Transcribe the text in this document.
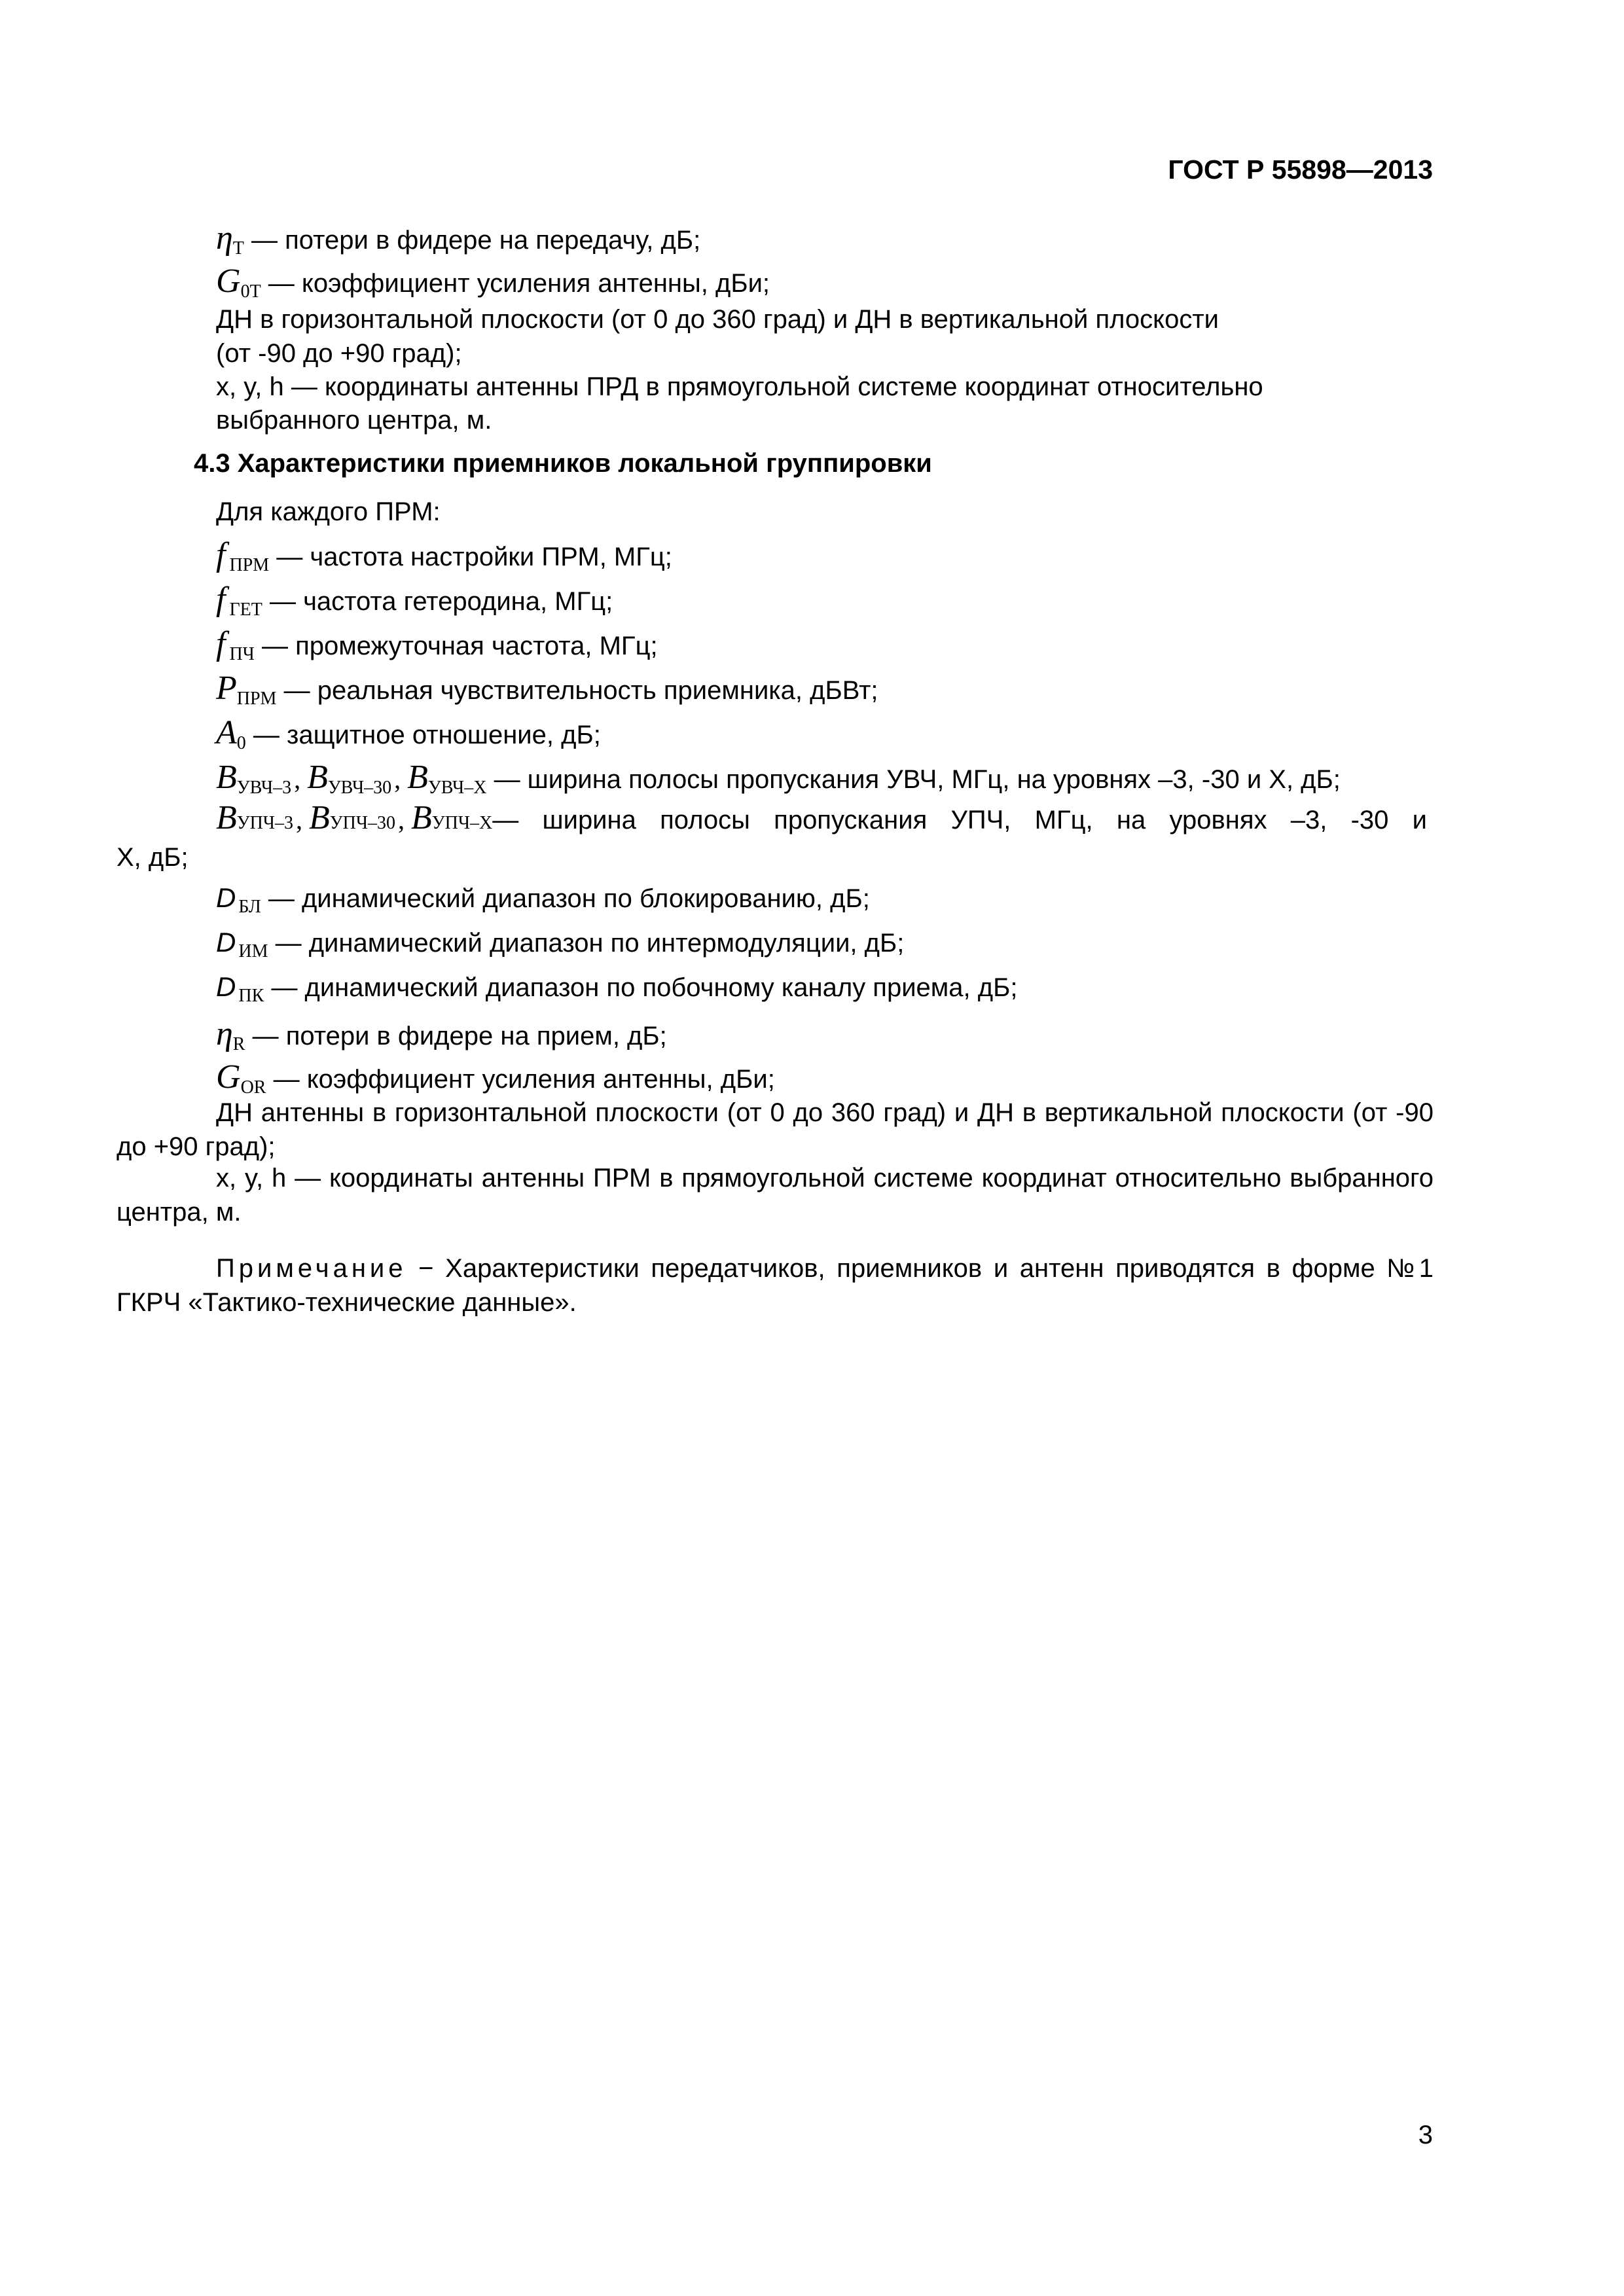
ГОСТ Р 55898—2013
$\eta_T$ — потери в фидере на передачу, дБ;
$G_{0T}$ — коэффициент усиления антенны, дБи;
ДН в горизонтальной плоскости (от 0 до 360 град) и ДН в вертикальной плоскости
(от -90 до +90 град);
x, y, h — координаты антенны ПРД в прямоугольной системе координат относительно
выбранного центра, м.
4.3 Характеристики приемников локальной группировки
Для каждого ПРМ:
f $_{ПРМ}$ — частота настройки ПРМ, МГц;
f $_{ГЕТ}$ — частота гетеродина, МГц;
f $_{ПЧ}$ — промежуточная частота, МГц;
$P_{ПРМ}$ — реальная чувствительность приемника, дБВт;
$A_0$ — защитное отношение, дБ;
$B_{УВЧ-3}$ , $B_{УВЧ-30}$ , $B_{УВЧ-X}$ — ширина полосы пропускания УВЧ, МГц, на уровнях –3, -30 и X, дБ;
B УПЧ–3 , B УПЧ–30 , B УПЧ–X — ширина полосы пропускания УПЧ, МГц, на уровнях –3, -30 и
X, дБ;
D $_{БЛ}$ — динамический диапазон по блокированию, дБ;
D $_{ИМ}$ — динамический диапазон по интермодуляции, дБ;
D $_{ПК}$ — динамический диапазон по побочному каналу приема, дБ;
$\eta_R$ — потери в фидере на прием, дБ;
$G_{OR}$ — коэффициент усиления антенны, дБи;
ДН антенны в горизонтальной плоскости (от 0 до 360 град) и ДН в вертикальной плоскости (от -90 до +90 град);
x, y, h — координаты антенны ПРМ в прямоугольной системе координат относительно выбранного центра, м.
Примечание − Характеристики передатчиков, приемников и антенн приводятся в форме №1 ГКРЧ «Тактико-технические данные».
3
